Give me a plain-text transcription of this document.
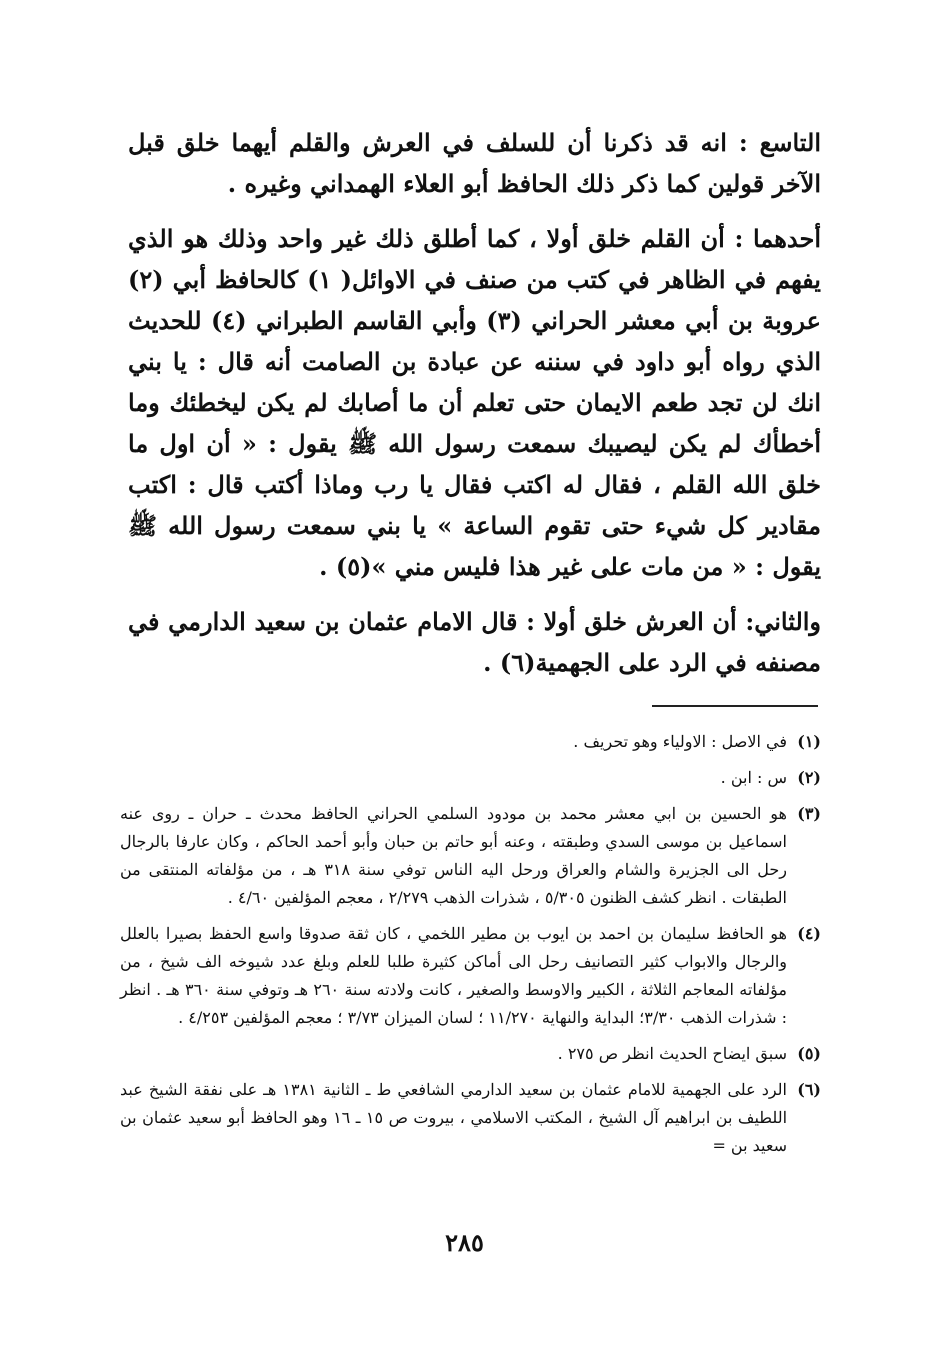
التاسع : انه قد ذكرنا أن للسلف في العرش والقلم أيهما خلق قبل الآخر قولين كما ذكر ذلك الحافظ أبو العلاء الهمداني وغيره .

أحدهما : أن القلم خلق أولا ، كما أطلق ذلك غير واحد وذلك هو الذي يفهم في الظاهر في كتب من صنف في الاوائل( ١) كالحافظ أبي (٢) عروبة بن أبي معشر الحراني (٣) وأبي القاسم الطبراني (٤) للحديث الذي رواه أبو داود في سننه عن عبادة بن الصامت أنه قال : يا بني انك لن تجد طعم الايمان حتى تعلم أن ما أصابك لم يكن ليخطئك وما أخطأك لم يكن ليصيبك سمعت رسول الله ﷺ يقول : « أن اول ما خلق الله القلم ، فقال له اكتب فقال يا رب وماذا أكتب قال : اكتب مقادير كل شيء حتى تقوم الساعة » يا بني سمعت رسول الله ﷺ يقول : « من مات على غير هذا فليس مني »(٥) .

والثاني: أن العرش خلق أولا : قال الامام عثمان بن سعيد الدارمي في مصنفه في الرد على الجهمية(٦) .

(١)
في الاصل : الاولياء وهو تحريف .
(٢)
س : ابن .
(٣)
هو الحسين بن ابي معشر محمد بن مودود السلمي الحراني الحافظ محدث ـ حران ـ روى عنه اسماعيل بن موسى السدي وطبقته ، وعنه أبو حاتم بن حبان وأبو أحمد الحاكم ، وكان عارفا بالرجال رحل الى الجزيرة والشام والعراق ورحل اليه الناس توفي سنة ٣١٨ هـ ، من مؤلفاته المنتقى من الطبقات . انظر كشف الظنون ٥/٣٠٥ ، شذرات الذهب ٢/٢٧٩ ، معجم المؤلفين ٤/٦٠ .
(٤)
هو الحافظ سليمان بن احمد بن ايوب بن مطير اللخمي ، كان ثقة صدوقا واسع الحفظ بصيرا بالعلل والرجال والابواب كثير التصانيف رحل الى أماكن كثيرة طلبا للعلم وبلغ عدد شيوخه الف شيخ ، من مؤلفاته المعاجم الثلاثة ، الكبير والاوسط والصغير ، كانت ولادته سنة ٢٦٠ هـ وتوفي سنة ٣٦٠ هـ . انظر : شذرات الذهب ٣/٣٠؛ البداية والنهاية ١١/٢٧٠ ؛ لسان الميزان ٣/٧٣ ؛ معجم المؤلفين ٤/٢٥٣ .
(٥)
سبق ايضاح الحديث انظر ص ٢٧٥ .
(٦)
الرد على الجهمية للامام عثمان بن سعيد الدارمي الشافعي ط ـ الثانية ١٣٨١ هـ على نفقة الشيخ عبد اللطيف بن ابراهيم آل الشيخ ، المكتب الاسلامي ، بيروت ص ١٥ ـ ١٦ وهو الحافظ أبو سعيد عثمان بن سعيد بن =
٢٨٥
